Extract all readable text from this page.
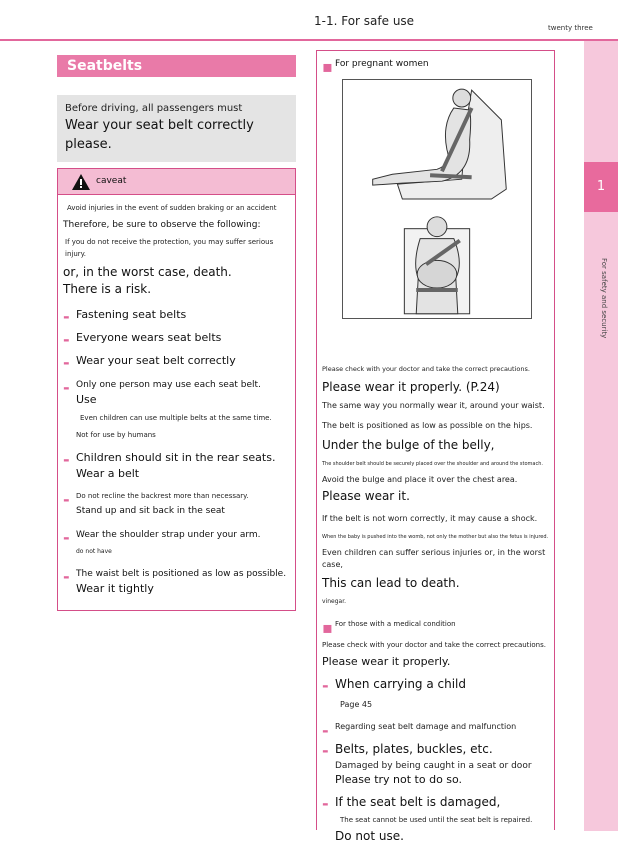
1-1. For safe use	twenty three
1
For safety and security
Seatbelts
Before driving, all passengers must
Wear your seat belt correctly please.
caveat
Avoid injuries in the event of sudden braking or an accident
Therefore, be sure to observe the following:
If you do not receive the protection, you may suffer serious injury.
or, in the worst case, death.
There is a risk.
- Fastening seat belts
- Everyone wears seat belts
- Wear your seat belt correctly
- Only one person may use each seat belt.
Use
Even children can use multiple belts at the same time.
Not for use by humans
- Children should sit in the rear seats.
Wear a belt
- Do not recline the backrest more than necessary.
Stand up and sit back in the seat
- Wear the shoulder strap under your arm.
do not have
- The waist belt is positioned as low as possible.
Wear it tightly
▪ For pregnant women
Please check with your doctor and take the correct precautions.
Please wear it properly. (P.24)
The same way you normally wear it, around your waist.
The belt is positioned as low as possible on the hips.
Under the bulge of the belly,
The shoulder belt should be securely placed over the shoulder and around the stomach.
Avoid the bulge and place it over the chest area.
Please wear it.
If the belt is not worn correctly, it may cause a shock.
When the baby is pushed into the womb, not only the mother but also the fetus is injured.
Even children can suffer serious injuries or, in the worst case,
This can lead to death.
vinegar.
▪ For those with a medical condition
Please check with your doctor and take the correct precautions.
Please wear it properly.
- When carrying a child
Page 45
- Regarding seat belt damage and malfunction
- Belts, plates, buckles, etc.
Damaged by being caught in a seat or door
Please try not to do so.
- If the seat belt is damaged,
The seat cannot be used until the seat belt is repaired.
Do not use.
